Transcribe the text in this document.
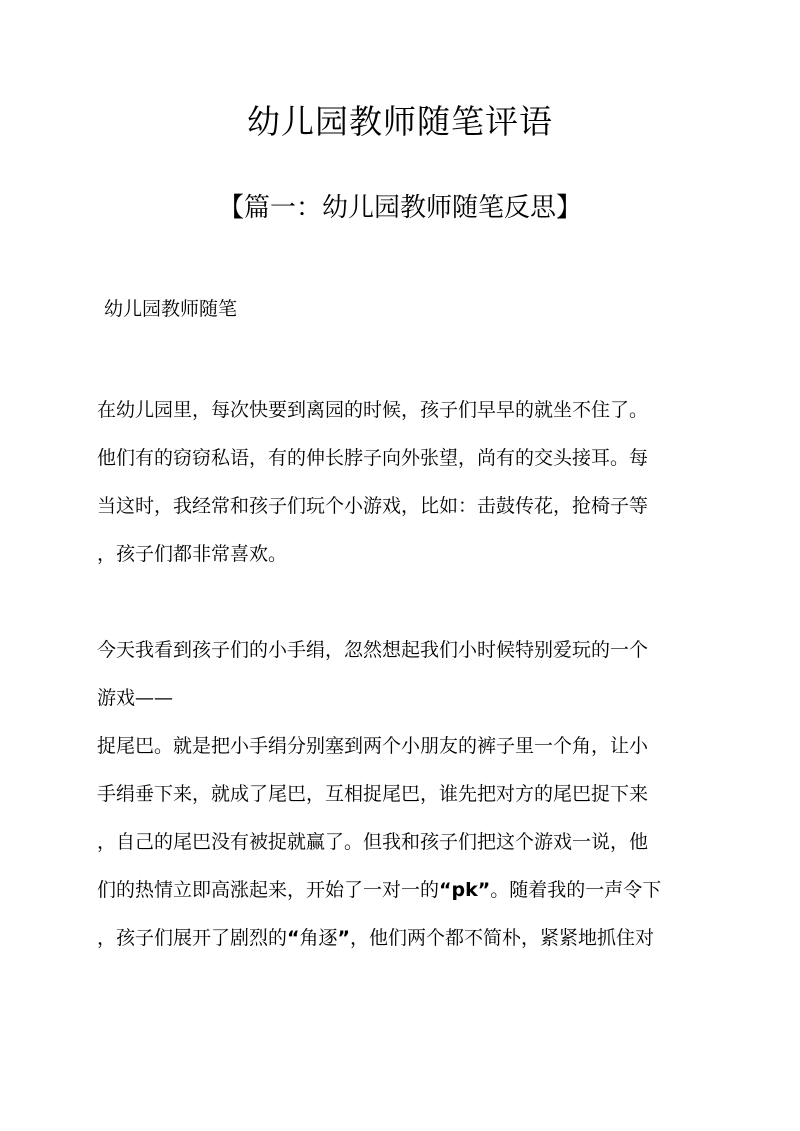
幼儿园教师随笔评语
【篇一：幼儿园教师随笔反思】
幼儿园教师随笔
在幼儿园里，每次快要到离园的时候，孩子们早早的就坐不住了。
他们有的窃窃私语，有的伸长脖子向外张望，尚有的交头接耳。每
当这时，我经常和孩子们玩个小游戏，比如：击鼓传花，抢椅子等
，孩子们都非常喜欢。
今天我看到孩子们的小手绢，忽然想起我们小时候特别爱玩的一个
游戏——
捉尾巴。就是把小手绢分别塞到两个小朋友的裤子里一个角，让小
手绢垂下来，就成了尾巴，互相捉尾巴，谁先把对方的尾巴捉下来
，自己的尾巴没有被捉就赢了。但我和孩子们把这个游戏一说，他
们的热情立即高涨起来，开始了一对一的“pk”。随着我的一声令下
，孩子们展开了剧烈的“角逐”，他们两个都不简朴，紧紧地抓住对
